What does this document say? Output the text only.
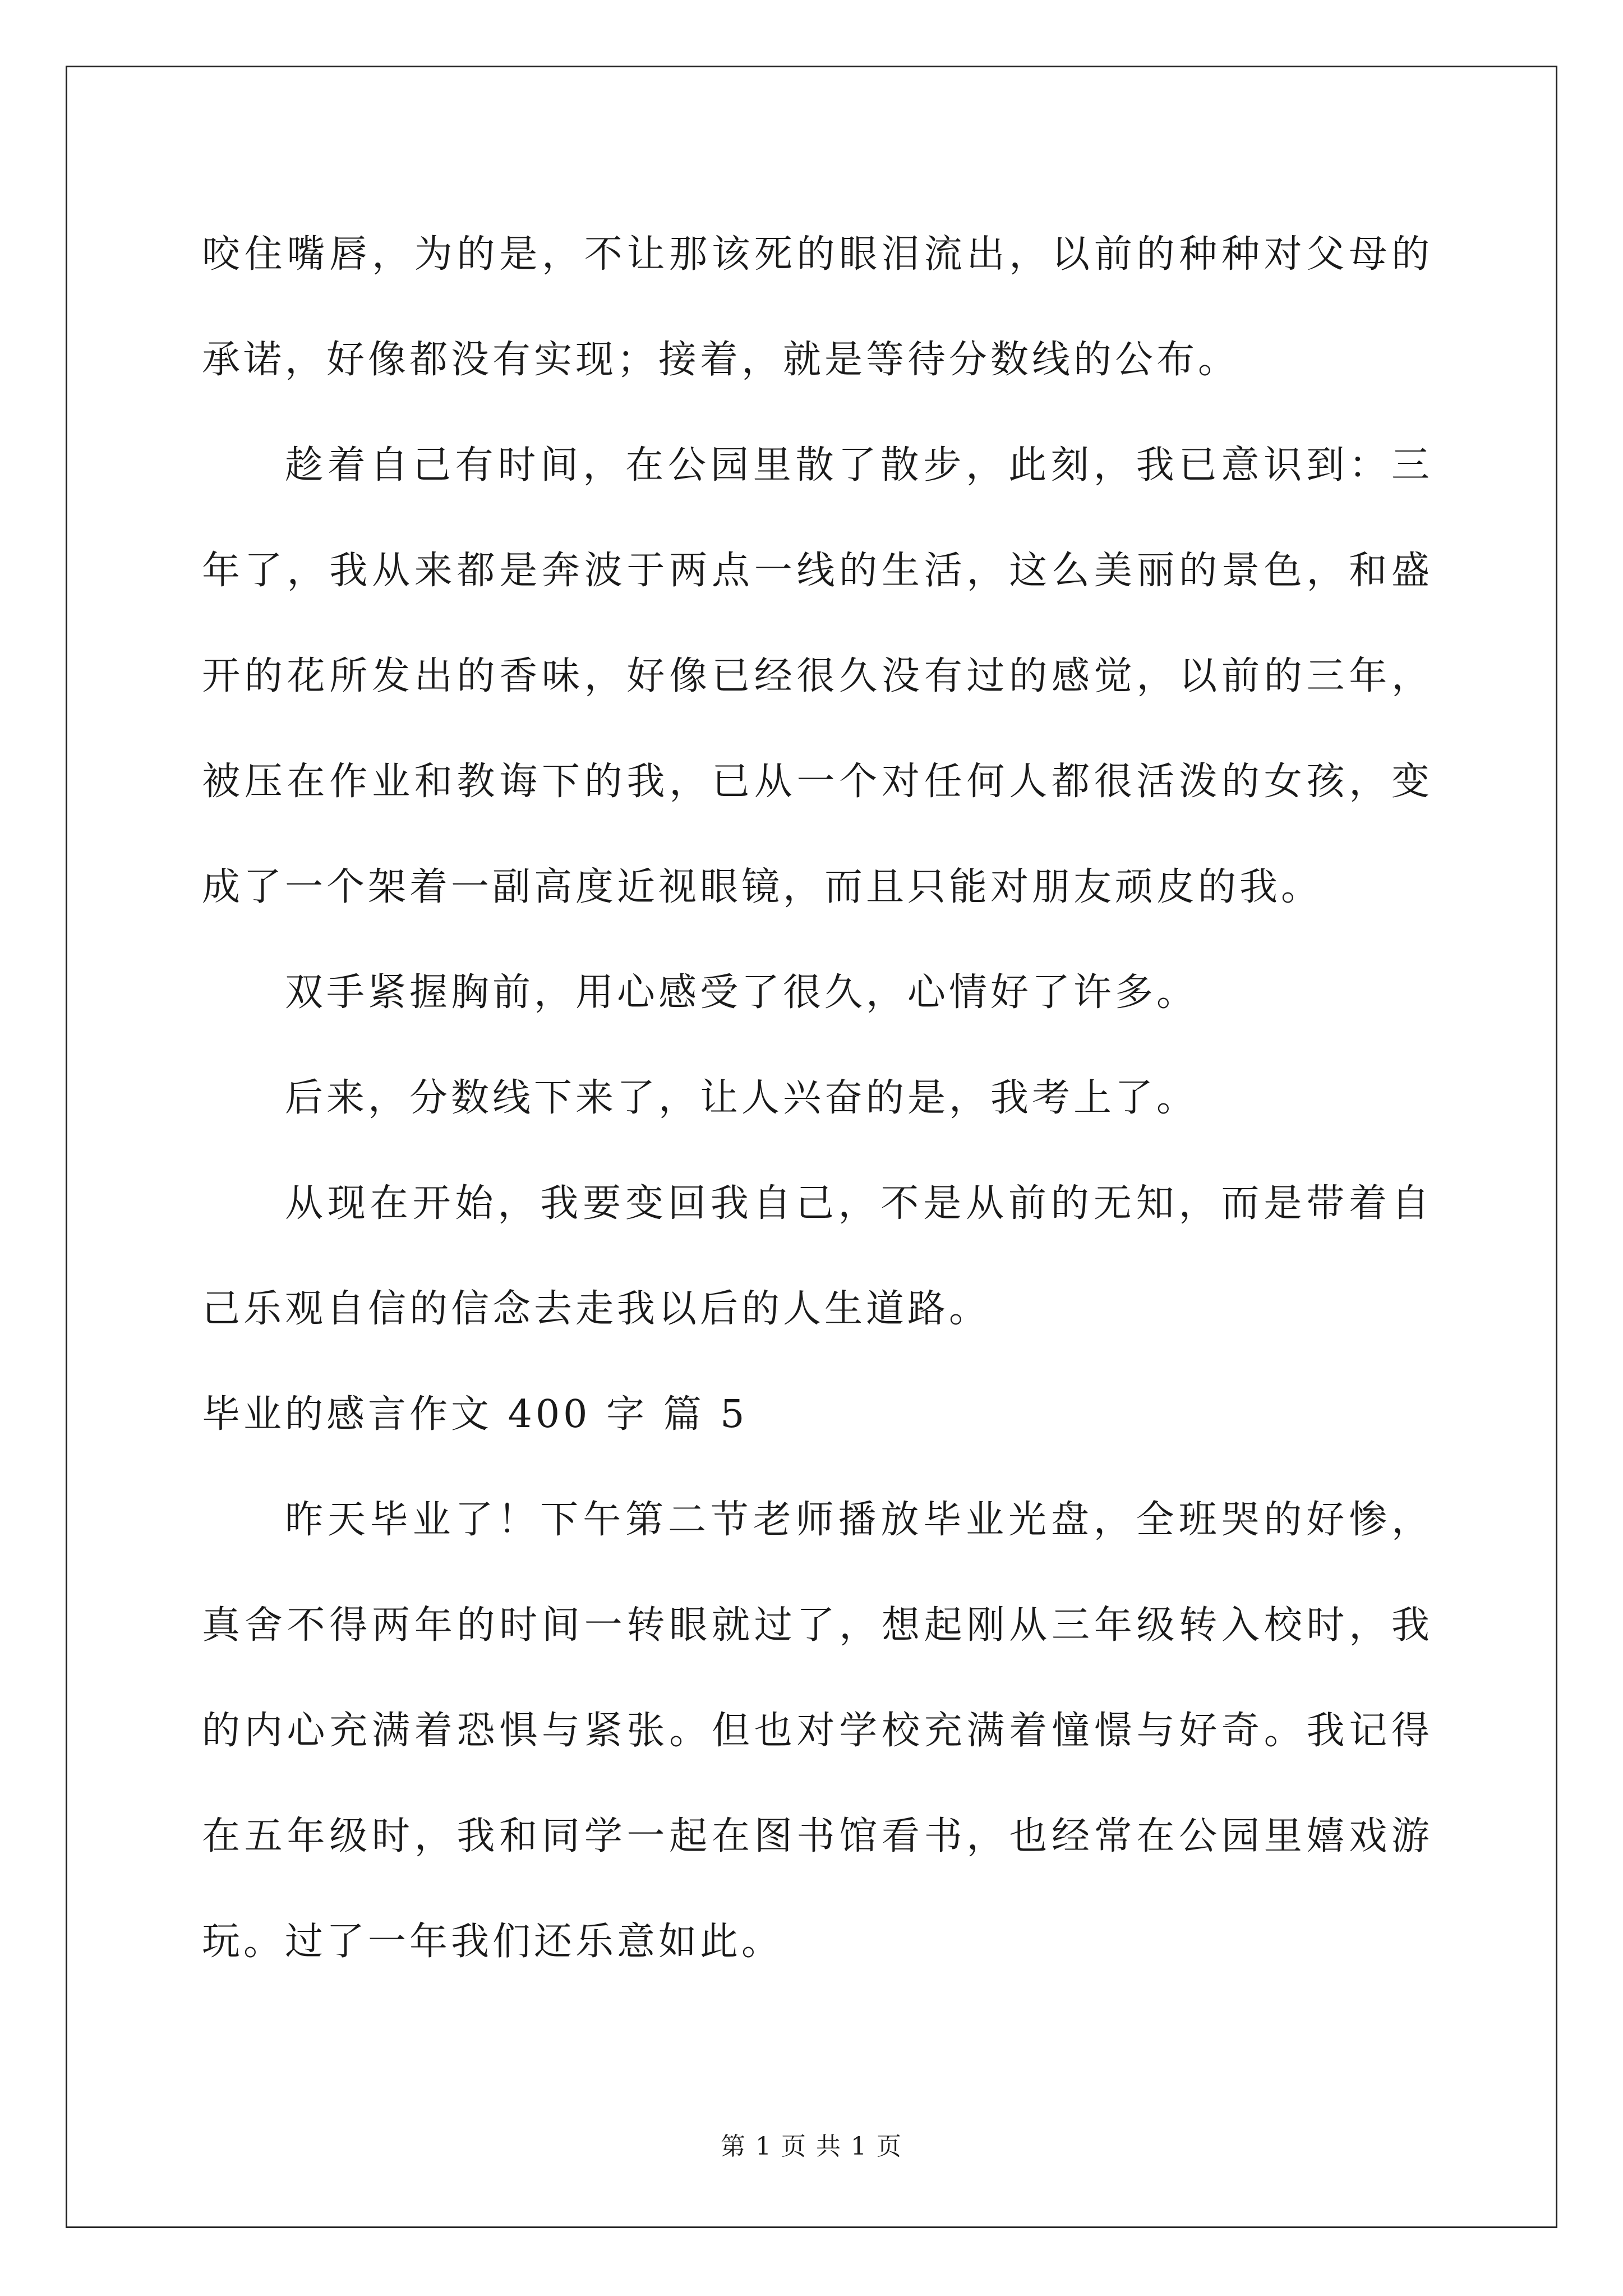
咬住嘴唇，为的是，不让那该死的眼泪流出，以前的种种对父母的承诺，好像都没有实现；接着，就是等待分数线的公布。

趁着自己有时间，在公园里散了散步，此刻，我已意识到：三年了，我从来都是奔波于两点一线的生活，这么美丽的景色，和盛开的花所发出的香味，好像已经很久没有过的感觉，以前的三年，被压在作业和教诲下的我，已从一个对任何人都很活泼的女孩，变成了一个架着一副高度近视眼镜，而且只能对朋友顽皮的我。

双手紧握胸前，用心感受了很久，心情好了许多。

后来，分数线下来了，让人兴奋的是，我考上了。

从现在开始，我要变回我自己，不是从前的无知，而是带着自己乐观自信的信念去走我以后的人生道路。

毕业的感言作文 400 字 篇 5

昨天毕业了！下午第二节老师播放毕业光盘，全班哭的好惨，真舍不得两年的时间一转眼就过了，想起刚从三年级转入校时，我的内心充满着恐惧与紧张。但也对学校充满着憧憬与好奇。我记得在五年级时，我和同学一起在图书馆看书，也经常在公园里嬉戏游玩。过了一年我们还乐意如此。

第 1 页 共 1 页
